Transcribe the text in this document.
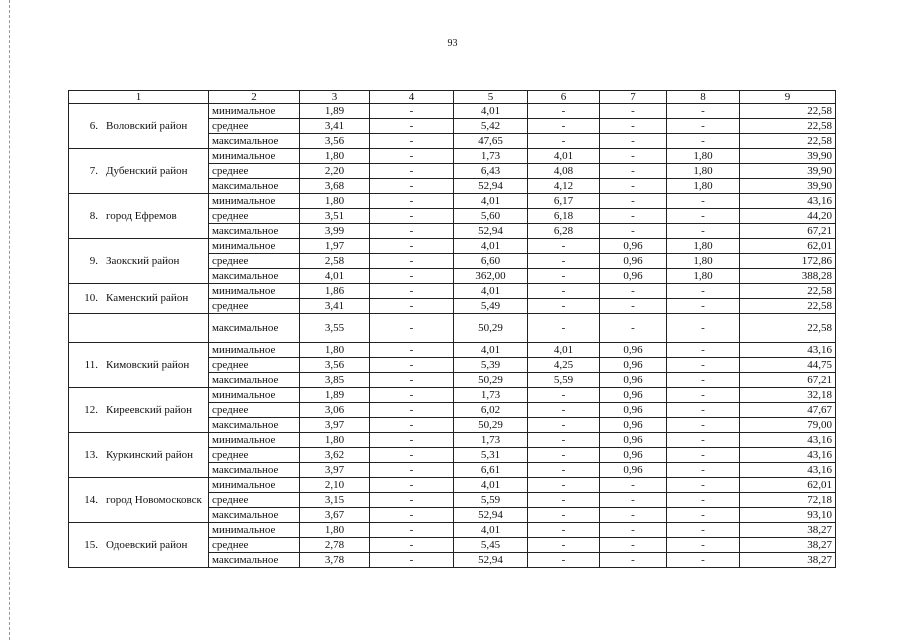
93
1	2	3	4	5	6	7	8	9
6. Воловский район	минимальное	1,89	-	4,01	-	-	-	22,58
	среднее	3,41	-	5,42	-	-	-	22,58
	максимальное	3,56	-	47,65	-	-	-	22,58
7. Дубенский район	минимальное	1,80	-	1,73	4,01	-	1,80	39,90
	среднее	2,20	-	6,43	4,08	-	1,80	39,90
	максимальное	3,68	-	52,94	4,12	-	1,80	39,90
8. город Ефремов	минимальное	1,80	-	4,01	6,17	-	-	43,16
	среднее	3,51	-	5,60	6,18	-	-	44,20
	максимальное	3,99	-	52,94	6,28	-	-	67,21
9. Заокский район	минимальное	1,97	-	4,01	-	0,96	1,80	62,01
	среднее	2,58	-	6,60	-	0,96	1,80	172,86
	максимальное	4,01	-	362,00	-	0,96	1,80	388,28
10. Каменский район	минимальное	1,86	-	4,01	-	-	-	22,58
	среднее	3,41	-	5,49	-	-	-	22,58
	максимальное	3,55	-	50,29	-	-	-	22,58
11. Кимовский район	минимальное	1,80	-	4,01	4,01	0,96	-	43,16
	среднее	3,56	-	5,39	4,25	0,96	-	44,75
	максимальное	3,85	-	50,29	5,59	0,96	-	67,21
12. Киреевский район	минимальное	1,89	-	1,73	-	0,96	-	32,18
	среднее	3,06	-	6,02	-	0,96	-	47,67
	максимальное	3,97	-	50,29	-	0,96	-	79,00
13. Куркинский район	минимальное	1,80	-	1,73	-	0,96	-	43,16
	среднее	3,62	-	5,31	-	0,96	-	43,16
	максимальное	3,97	-	6,61	-	0,96	-	43,16
14. город Новомосковск	минимальное	2,10	-	4,01	-	-	-	62,01
	среднее	3,15	-	5,59	-	-	-	72,18
	максимальное	3,67	-	52,94	-	-	-	93,10
15. Одоевский район	минимальное	1,80	-	4,01	-	-	-	38,27
	среднее	2,78	-	5,45	-	-	-	38,27
	максимальное	3,78	-	52,94	-	-	-	38,27
